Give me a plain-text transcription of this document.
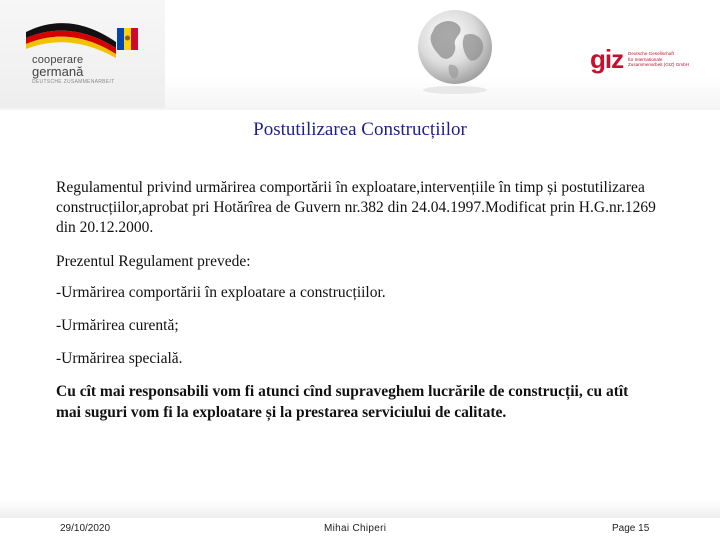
cooperare
germană
DEUTSCHE ZUSAMMENARBEIT
giz Deutsche Gesellschaft
für Internationale
Zusammenarbeit (GIZ) GmbH
Postutilizarea Construcțiilor

Regulamentul privind urmărirea comportării în exploatare,intervențiile în timp și postutilizarea construcțiilor,aprobat pri Hotărîrea de Guvern nr.382 din 24.04.1997.Modificat prin H.G.nr.1269 din 20.12.2000.

Prezentul Regulament prevede:

-Urmărirea comportării în exploatare a construcțiilor.

-Urmărirea curentă;

-Urmărirea specială.

Cu cît mai responsabili vom fi atunci cînd supraveghem lucrările de construcții, cu atît mai suguri vom fi la exploatare și la prestarea serviciului de calitate.

29/10/2020	Mihai Chiperi	Page 15
